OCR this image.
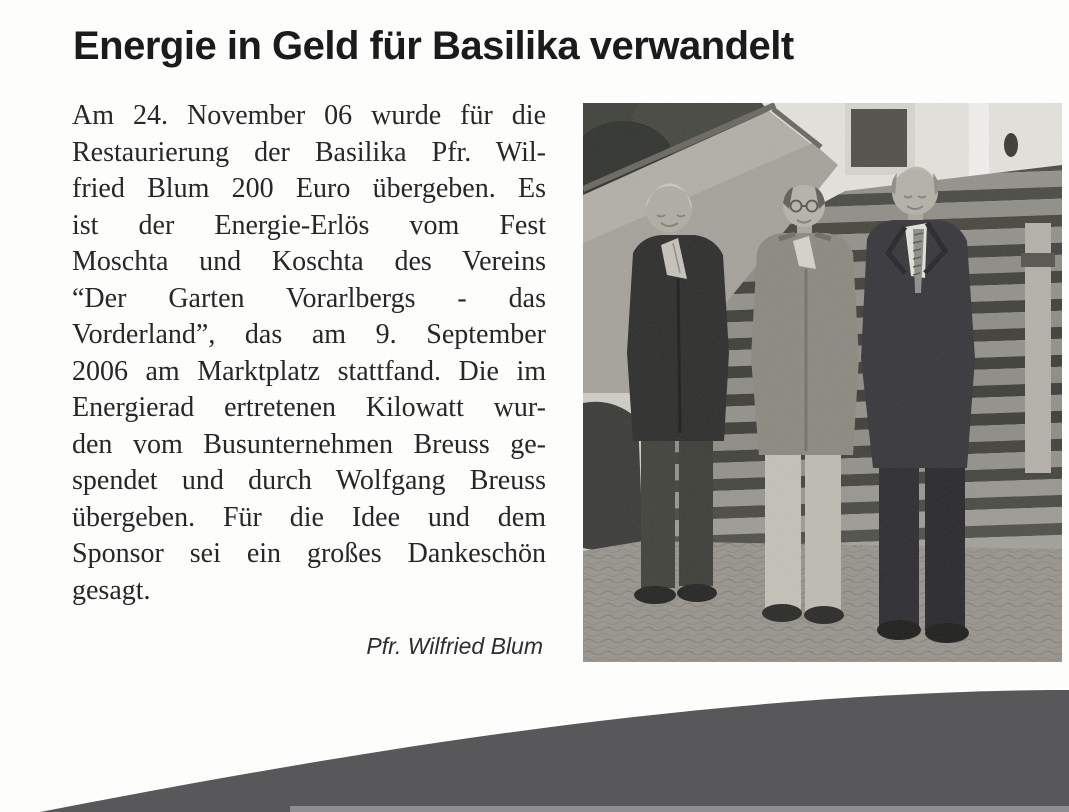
Energie in Geld für Basilika verwandelt
Am 24. November 06 wurde für die
Restaurierung der Basilika Pfr. Wil-
fried Blum 200 Euro übergeben. Es
ist der Energie-Erlös vom Fest
Moschta und Koschta des Vereins
“Der Garten Vorarlbergs - das
Vorderland”, das am 9. September
2006 am Marktplatz stattfand. Die im
Energierad ertretenen Kilowatt wur-
den vom Busunternehmen Breuss ge-
spendet und durch Wolfgang Breuss
übergeben. Für die Idee und dem
Sponsor sei ein großes Dankeschön
gesagt.
Pfr. Wilfried Blum
